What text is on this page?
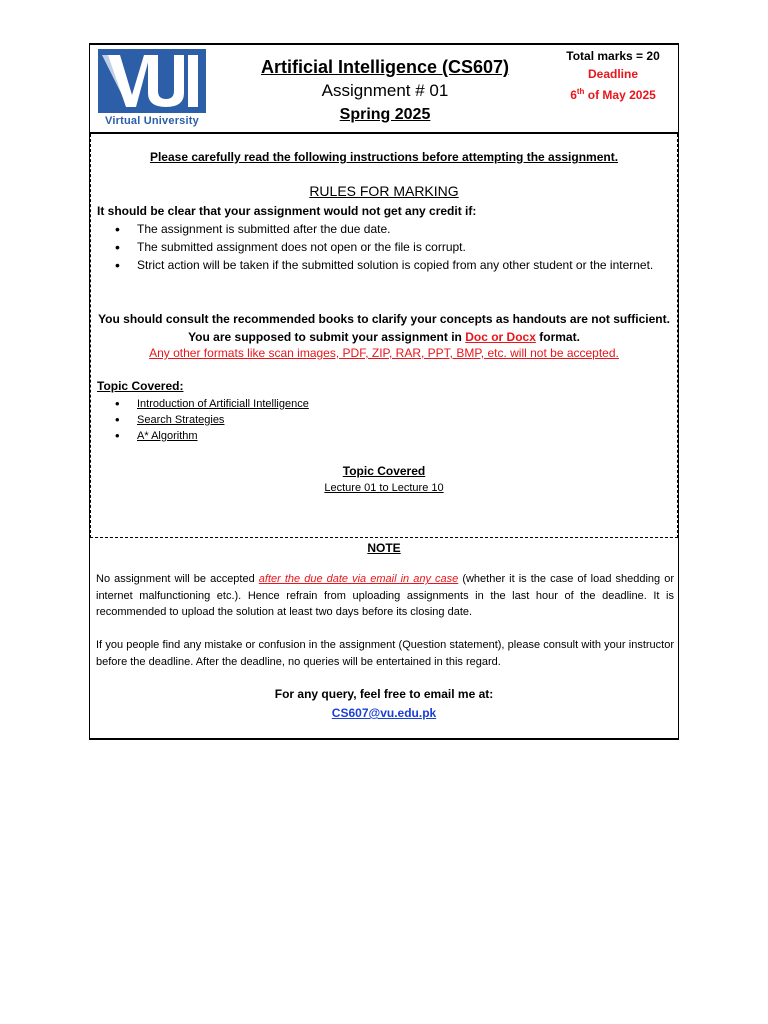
Virtual University
Artificial Intelligence (CS607)
Assignment # 01
Spring 2025
Total marks = 20
Deadline
6th of May 2025
Please carefully read the following instructions before attempting the assignment.
RULES FOR MARKING
It should be clear that your assignment would not get any credit if:
• The assignment is submitted after the due date.
• The submitted assignment does not open or the file is corrupt.
• Strict action will be taken if the submitted solution is copied from any other student or the internet.
You should consult the recommended books to clarify your concepts as handouts are not sufficient.
You are supposed to submit your assignment in Doc or Docx format.
Any other formats like scan images, PDF, ZIP, RAR, PPT, BMP, etc. will not be accepted.
Topic Covered:
• Introduction of Artificiall Intelligence
• Search Strategies
• A* Algorithm
Topic Covered
Lecture 01 to Lecture 10
NOTE
No assignment will be accepted after the due date via email in any case (whether it is the case of load shedding or internet malfunctioning etc.). Hence refrain from uploading assignments in the last hour of the deadline. It is recommended to upload the solution at least two days before its closing date.
If you people find any mistake or confusion in the assignment (Question statement), please consult with your instructor before the deadline. After the deadline, no queries will be entertained in this regard.
For any query, feel free to email me at:
CS607@vu.edu.pk
